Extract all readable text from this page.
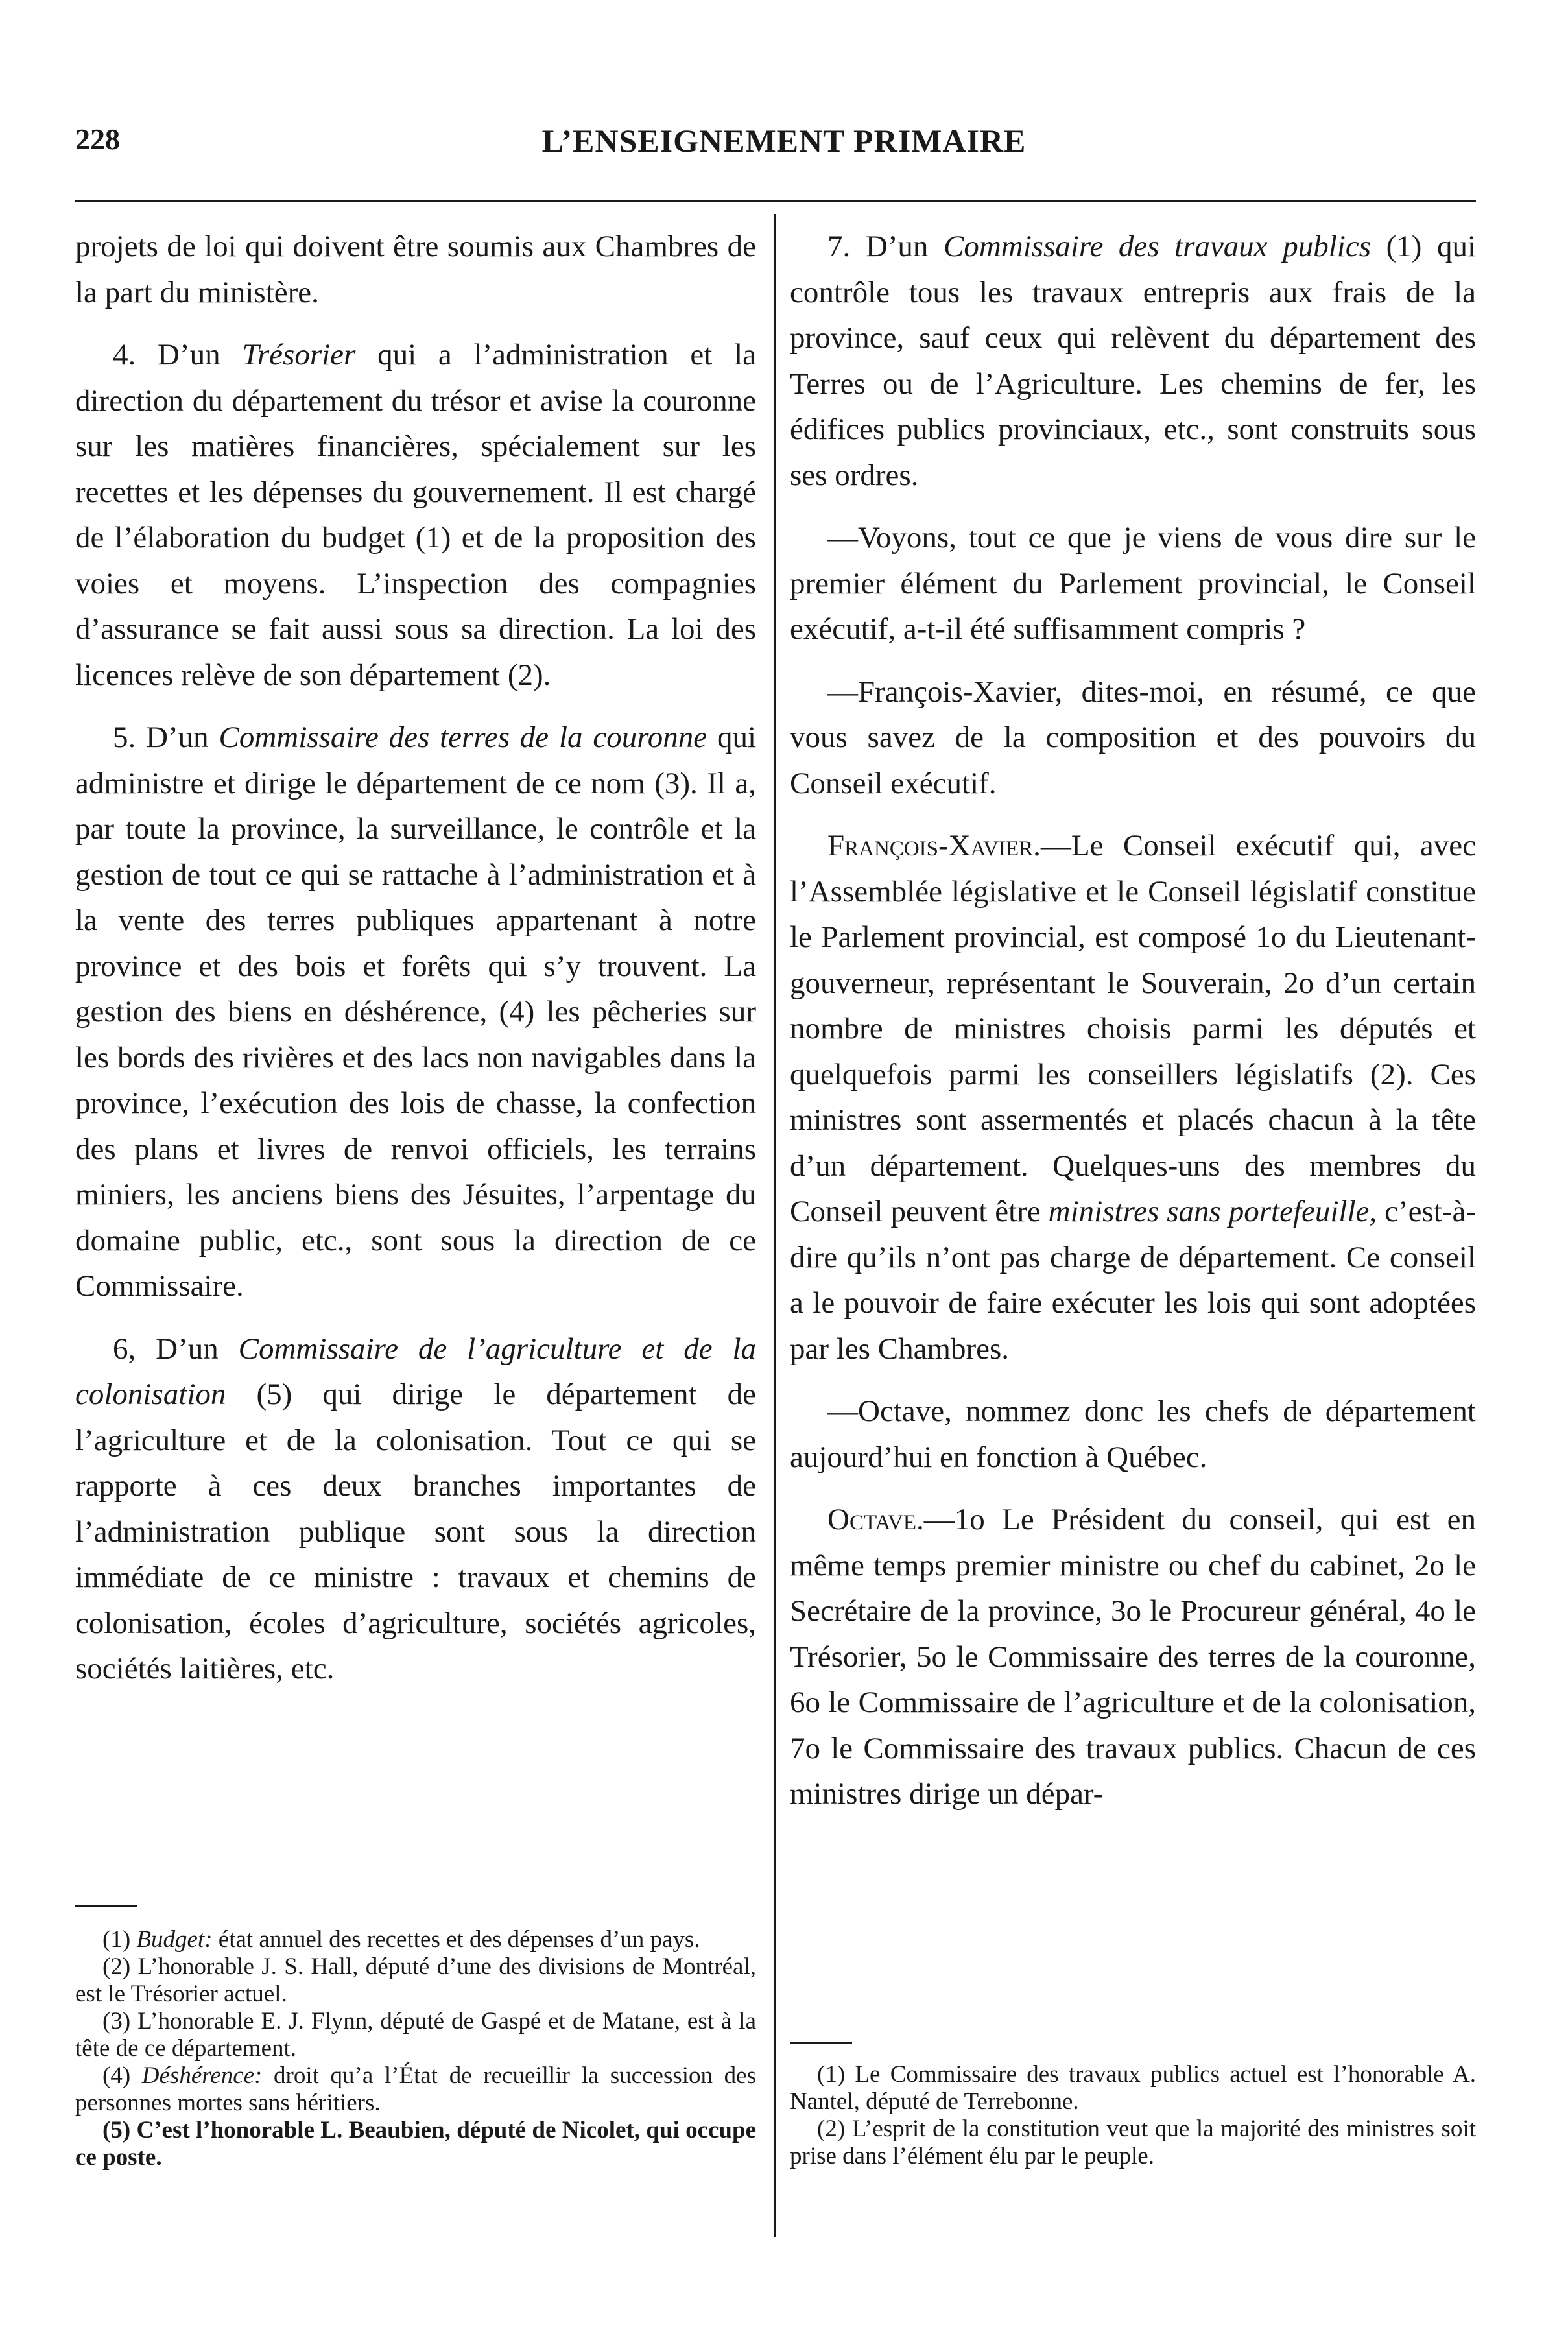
228	L’ENSEIGNEMENT PRIMAIRE

projets de loi qui doivent être soumis aux Chambres de la part du ministère.

4. D’un Trésorier qui a l’administration et la direction du département du trésor et avise la couronne sur les matières financières, spécialement sur les recettes et les dépenses du gouvernement. Il est chargé de l’élaboration du budget (1) et de la proposition des voies et moyens. L’inspection des compagnies d’assurance se fait aussi sous sa direction. La loi des licences relève de son département (2).

5. D’un Commissaire des terres de la couronne qui administre et dirige le département de ce nom (3). Il a, par toute la province, la surveillance, le contrôle et la gestion de tout ce qui se rattache à l’administration et à la vente des terres publiques appartenant à notre province et des bois et forêts qui s’y trouvent. La gestion des biens en déshérence, (4) les pêcheries sur les bords des rivières et des lacs non navigables dans la province, l’exécution des lois de chasse, la confection des plans et livres de renvoi officiels, les terrains miniers, les anciens biens des Jésuites, l’arpentage du domaine public, etc., sont sous la direction de ce Commissaire.

6, D’un Commissaire de l’agriculture et de la colonisation (5) qui dirige le département de l’agriculture et de la colonisation. Tout ce qui se rapporte à ces deux branches importantes de l’administration publique sont sous la direction immédiate de ce ministre : travaux et chemins de colonisation, écoles d’agriculture, sociétés agricoles, sociétés laitières, etc.

(1) Budget: état annuel des recettes et des dépenses d’un pays.

(2) L’honorable J. S. Hall, député d’une des divisions de Montréal, est le Trésorier actuel.

(3) L’honorable E. J. Flynn, député de Gaspé et de Matane, est à la tête de ce département.

(4) Déshérence: droit qu’a l’État de recueillir la succession des personnes mortes sans héritiers.

(5) C’est l’honorable L. Beaubien, député de Nicolet, qui occupe ce poste.

7. D’un Commissaire des travaux publics (1) qui contrôle tous les travaux entrepris aux frais de la province, sauf ceux qui relèvent du département des Terres ou de l’Agriculture. Les chemins de fer, les édifices publics provinciaux, etc., sont construits sous ses ordres.

—Voyons, tout ce que je viens de vous dire sur le premier élément du Parlement provincial, le Conseil exécutif, a-t-il été suffisamment compris ?

—François-Xavier, dites-moi, en résumé, ce que vous savez de la composition et des pouvoirs du Conseil exécutif.

François-Xavier.—Le Conseil exécutif qui, avec l’Assemblée législative et le Conseil législatif constitue le Parlement provincial, est composé 1o du Lieutenant-gouverneur, représentant le Souverain, 2o d’un certain nombre de ministres choisis parmi les députés et quelquefois parmi les conseillers législatifs (2). Ces ministres sont assermentés et placés chacun à la tête d’un département. Quelques-uns des membres du Conseil peuvent être ministres sans portefeuille, c’est-à-dire qu’ils n’ont pas charge de département. Ce conseil a le pouvoir de faire exécuter les lois qui sont adoptées par les Chambres.

—Octave, nommez donc les chefs de département aujourd’hui en fonction à Québec.

Octave.—1o Le Président du conseil, qui est en même temps premier ministre ou chef du cabinet, 2o le Secrétaire de la province, 3o le Procureur général, 4o le Trésorier, 5o le Commissaire des terres de la couronne, 6o le Commissaire de l’agriculture et de la colonisation, 7o le Commissaire des travaux publics. Chacun de ces ministres dirige un dépar-

(1) Le Commissaire des travaux publics actuel est l’honorable A. Nantel, député de Terrebonne.

(2) L’esprit de la constitution veut que la majorité des ministres soit prise dans l’élément élu par le peuple.
